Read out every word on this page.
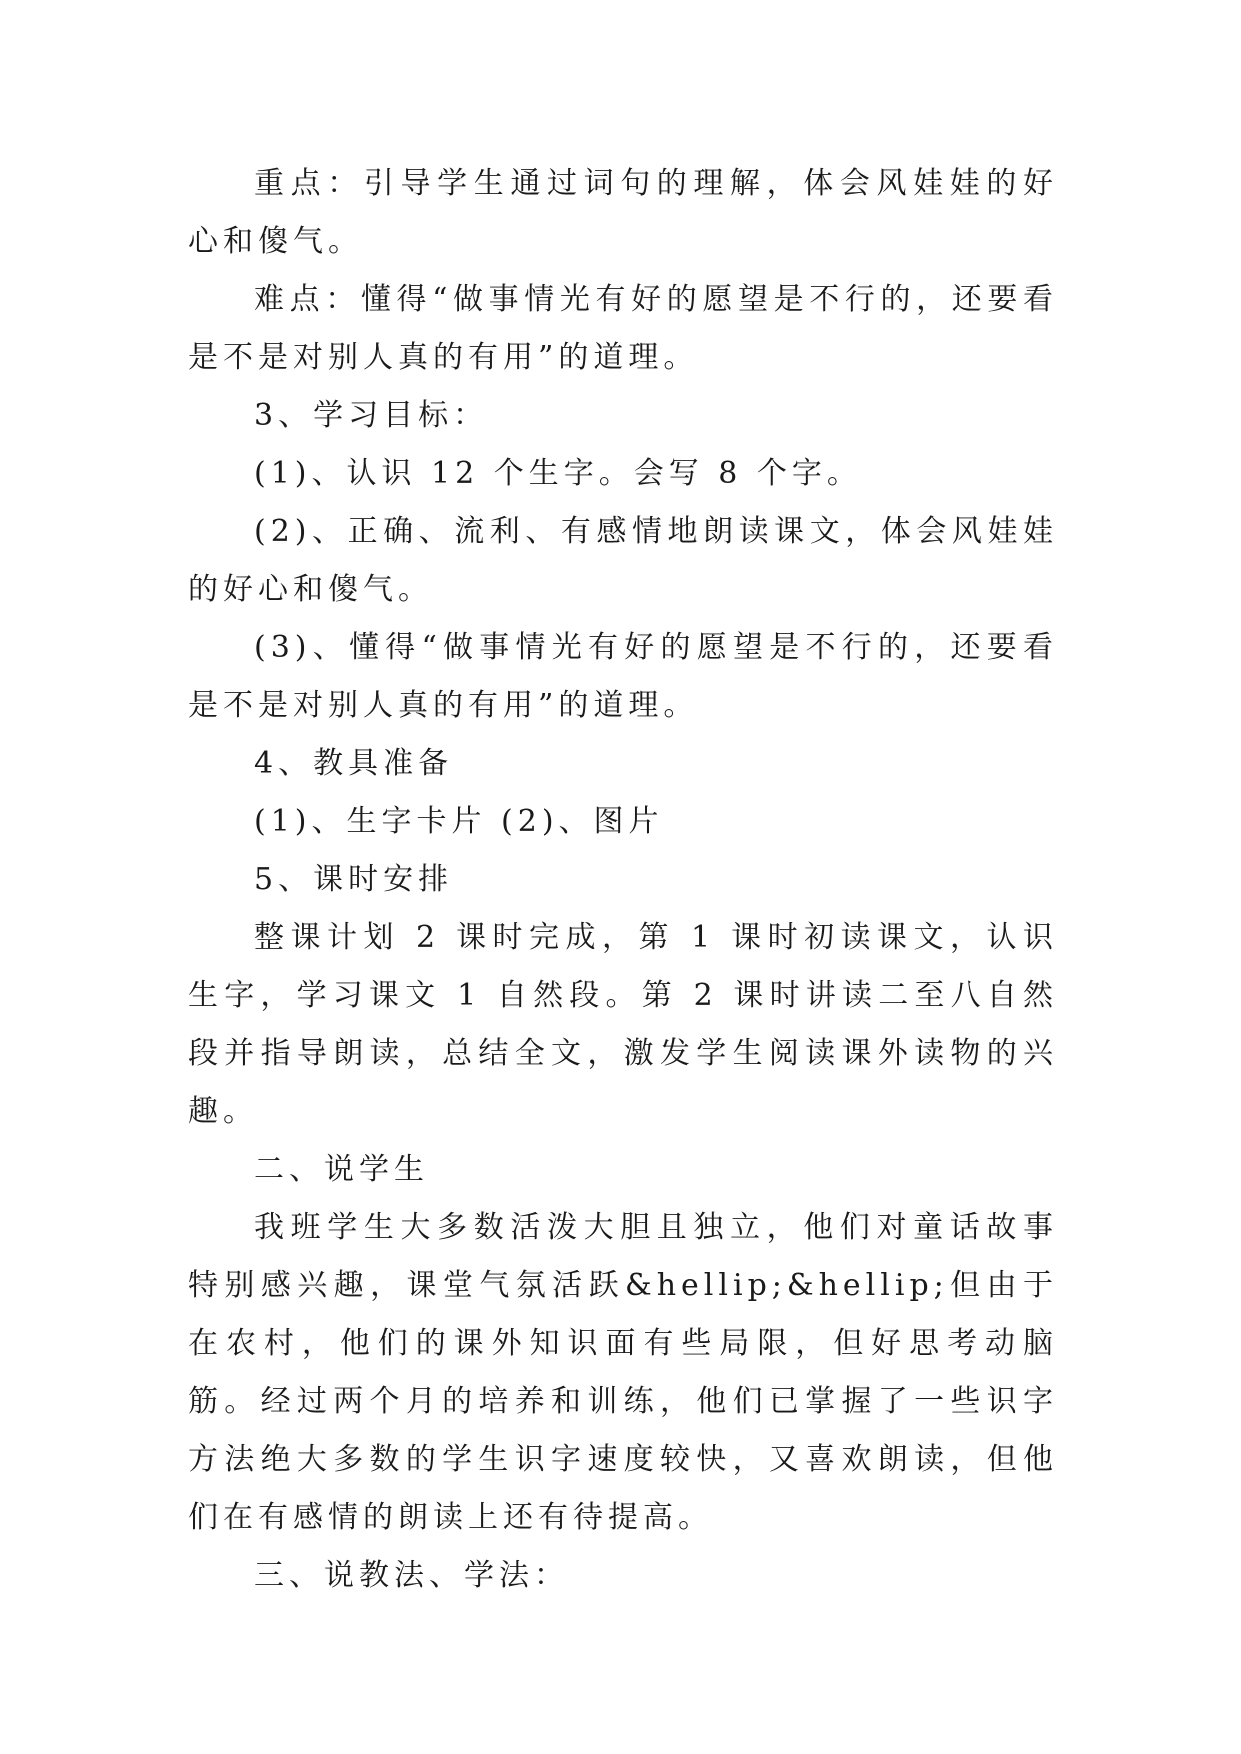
重点：引导学生通过词句的理解，体会风娃娃的好心和傻气。

难点：懂得“做事情光有好的愿望是不行的，还要看是不是对别人真的有用”的道理。

3、学习目标：

(1)、认识 12 个生字。会写 8 个字。

(2)、正确、流利、有感情地朗读课文，体会风娃娃的好心和傻气。

(3)、懂得“做事情光有好的愿望是不行的，还要看是不是对别人真的有用”的道理。

4、教具准备

(1)、生字卡片 (2)、图片

5、课时安排

整课计划 2 课时完成，第 1 课时初读课文，认识生字，学习课文 1 自然段。第 2 课时讲读二至八自然段并指导朗读，总结全文，激发学生阅读课外读物的兴趣。

二、说学生

我班学生大多数活泼大胆且独立，他们对童话故事特别感兴趣，课堂气氛活跃&hellip;&hellip;但由于在农村，他们的课外知识面有些局限，但好思考动脑筋。经过两个月的培养和训练，他们已掌握了一些识字方法绝大多数的学生识字速度较快，又喜欢朗读，但他们在有感情的朗读上还有待提高。

三、说教法、学法：
